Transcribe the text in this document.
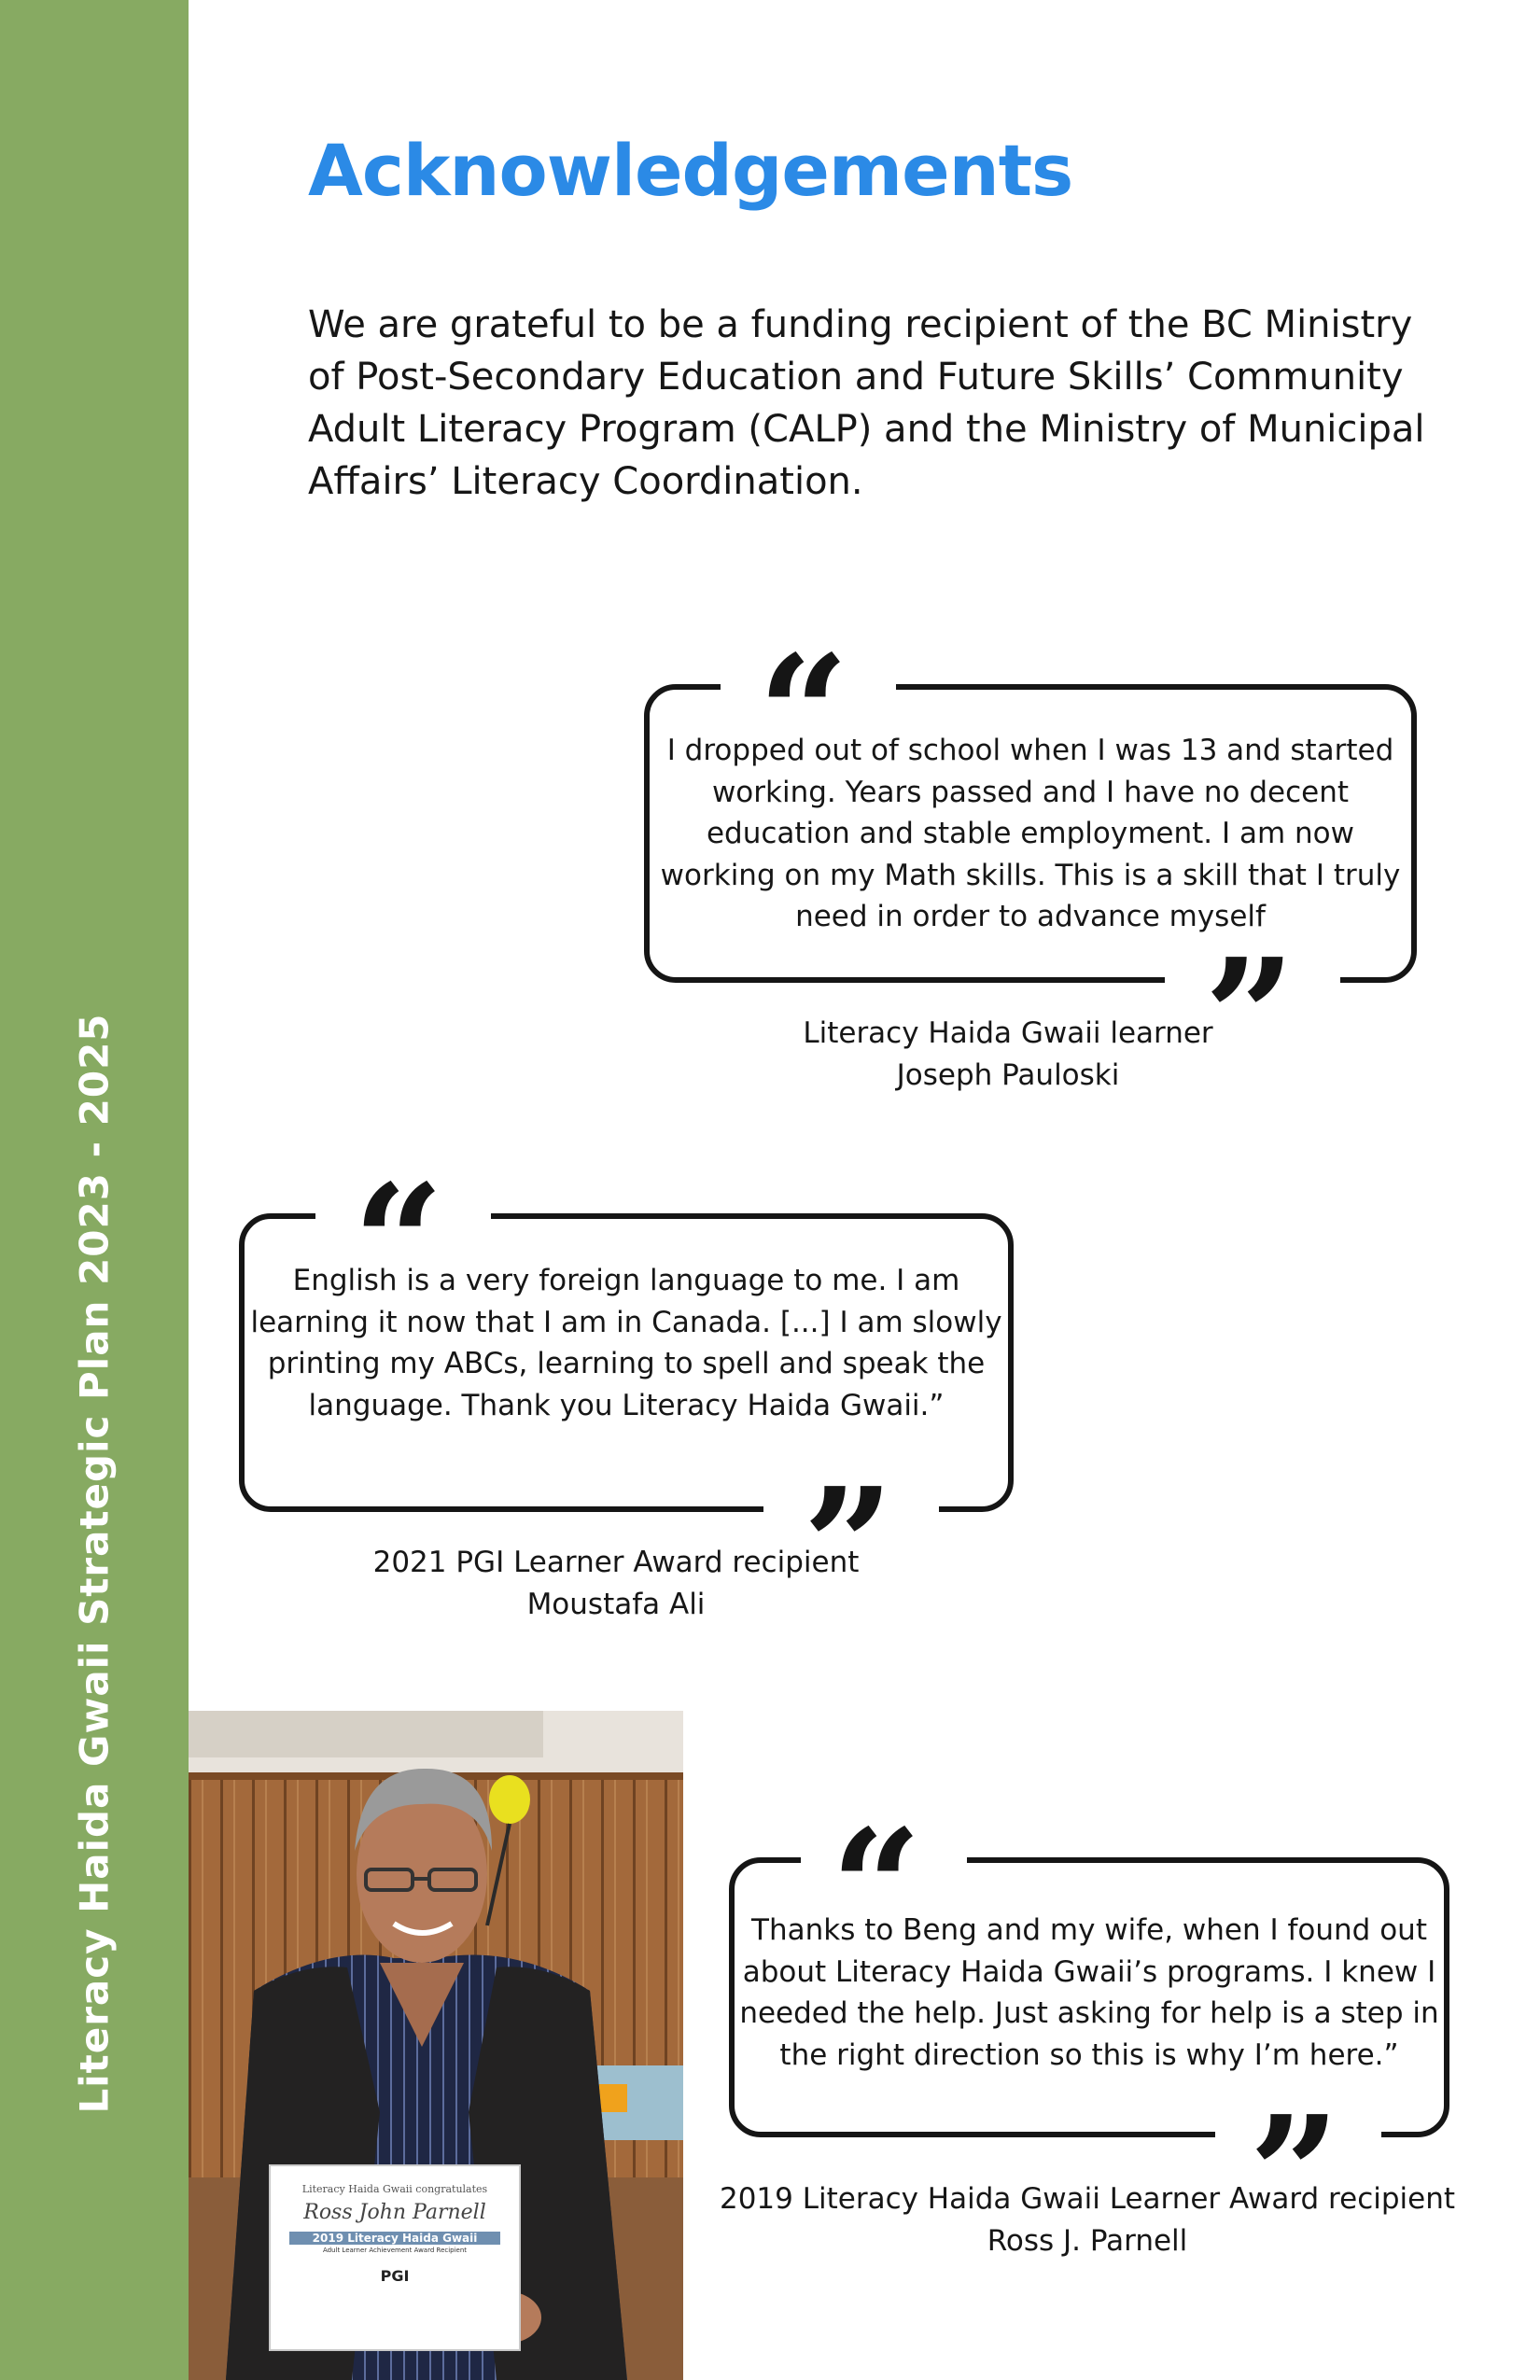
Literacy Haida Gwaii Strategic Plan 2023 - 2025
Acknowledgements

We are grateful to be a funding recipient of the BC Ministry of Post-Secondary Education and Future Skills’ Community Adult Literacy Program (CALP) and the Ministry of Municipal Affairs’ Literacy Coordination.

“
”
I dropped out of school when I was 13 and started working. Years passed and I have no decent education and stable employment. I am now working on my Math skills. This is a skill that I truly need in order to advance myself
Literacy Haida Gwaii learner
Joseph Pauloski
“
”
English is a very foreign language to me. I am learning it now that I am in Canada. [...] I am slowly printing my ABCs, learning to spell and speak the language. Thank you Literacy Haida Gwaii.”
2021 PGI Learner Award recipient
Moustafa Ali
“
”
Thanks to Beng and my wife, when I found out about Literacy Haida Gwaii’s programs. I knew I needed the help. Just asking for help is a step in the right direction so this is why I’m here.”
2019 Literacy Haida Gwaii Learner Award recipient
Ross J. Parnell
Literacy Haida Gwaii congratulates
Ross John Parnell
2019 Literacy Haida Gwaii
Adult Learner Achievement Award Recipient
PGI
